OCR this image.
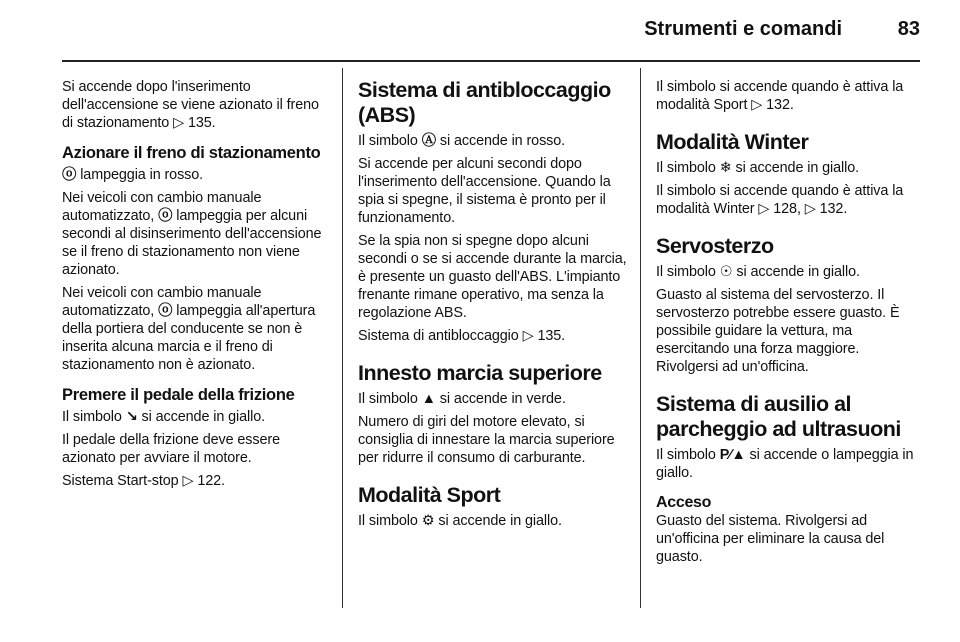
Strumenti e comandi	83

Si accende dopo l'inserimento dell'accensione se viene azionato il freno di stazionamento ▷ 135.

Azionare il freno di stazionamento

ⓞ lampeggia in rosso.

Nei veicoli con cambio manuale automatizzato, ⓞ lampeggia per alcuni secondi al disinserimento dell'accensione se il freno di stazionamento non viene azionato.

Nei veicoli con cambio manuale automatizzato, ⓞ lampeggia all'apertura della portiera del conducente se non è inserita alcuna marcia e il freno di stazionamento non è azionato.

Premere il pedale della frizione

Il simbolo ↘ si accende in giallo.

Il pedale della frizione deve essere azionato per avviare il motore.

Sistema Start-stop ▷ 122.

Sistema di antibloccaggio (ABS)

Il simbolo Ⓐ si accende in rosso.

Si accende per alcuni secondi dopo l'inserimento dell'accensione. Quando la spia si spegne, il sistema è pronto per il funzionamento.

Se la spia non si spegne dopo alcuni secondi o se si accende durante la marcia, è presente un guasto dell'ABS. L'impianto frenante rimane operativo, ma senza la regolazione ABS.

Sistema di antibloccaggio ▷ 135.

Innesto marcia superiore

Il simbolo ▲ si accende in verde.

Numero di giri del motore elevato, si consiglia di innestare la marcia superiore per ridurre il consumo di carburante.

Modalità Sport

Il simbolo ⚙ si accende in giallo.

Il simbolo si accende quando è attiva la modalità Sport ▷ 132.

Modalità Winter

Il simbolo ❄ si accende in giallo.

Il simbolo si accende quando è attiva la modalità Winter ▷ 128, ▷ 132.

Servosterzo

Il simbolo ☉ si accende in giallo.

Guasto al sistema del servosterzo. Il servosterzo potrebbe essere guasto. È possibile guidare la vettura, ma esercitando una forza maggiore. Rivolgersi ad un'officina.

Sistema di ausilio al parcheggio ad ultrasuoni

Il simbolo P∕▲ si accende o lampeggia in giallo.

Acceso

Guasto del sistema. Rivolgersi ad un'officina per eliminare la causa del guasto.
